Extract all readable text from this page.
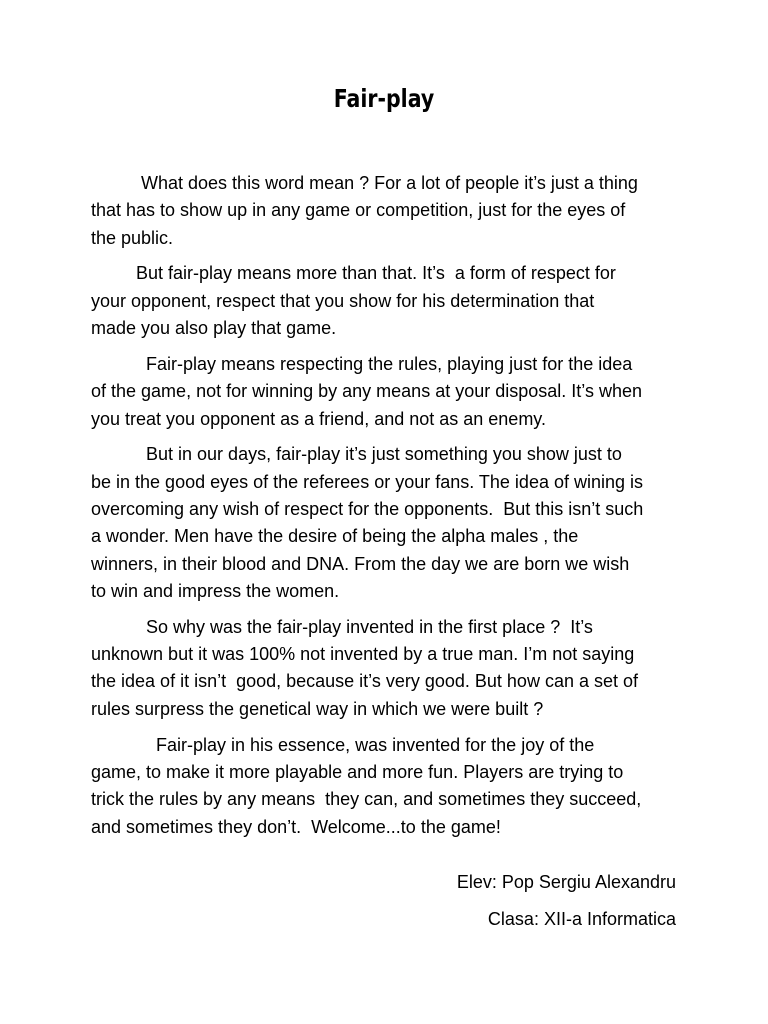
Fair-play

What does this word mean ? For a lot of people it’s just a thing
that has to show up in any game or competition, just for the eyes of
the public.

But fair-play means more than that. It’s  a form of respect for
your opponent, respect that you show for his determination that
made you also play that game.

Fair-play means respecting the rules, playing just for the idea
of the game, not for winning by any means at your disposal. It’s when
you treat you opponent as a friend, and not as an enemy.

But in our days, fair-play it’s just something you show just to
be in the good eyes of the referees or your fans. The idea of wining is
overcoming any wish of respect for the opponents.  But this isn’t such
a wonder. Men have the desire of being the alpha males , the
winners, in their blood and DNA. From the day we are born we wish
to win and impress the women.

So why was the fair-play invented in the first place ?  It’s
unknown but it was 100% not invented by a true man. I’m not saying
the idea of it isn’t  good, because it’s very good. But how can a set of
rules surpress the genetical way in which we were built ?

Fair-play in his essence, was invented for the joy of the
game, to make it more playable and more fun. Players are trying to
trick the rules by any means  they can, and sometimes they succeed,
and sometimes they don’t.  Welcome...to the game!

Elev: Pop Sergiu Alexandru
Clasa: XII-a Informatica
